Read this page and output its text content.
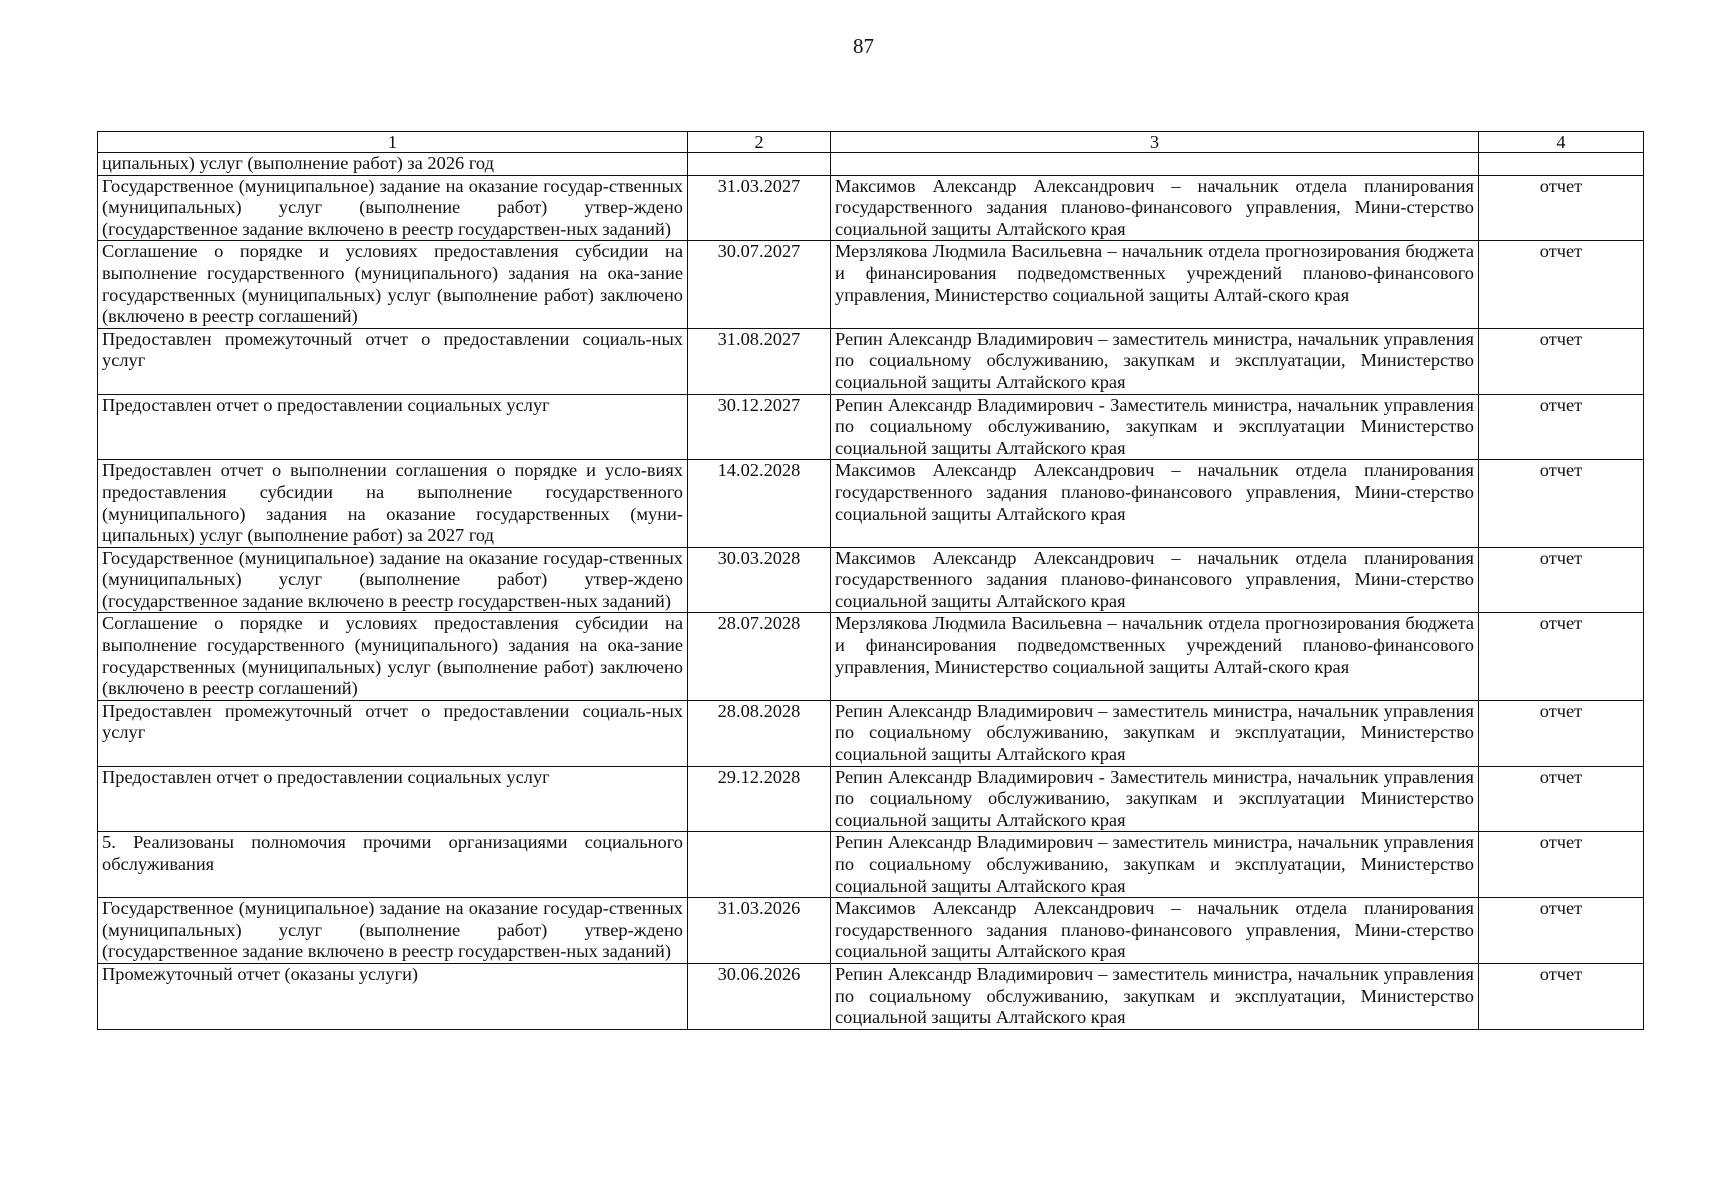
87
1	2	3	4
ципальных) услуг (выполнение работ) за 2026 год			
Государственное (муниципальное) задание на оказание государ-ственных (муниципальных) услуг (выполнение работ) утвер-ждено (государственное задание включено в реестр государствен-ных заданий)	31.03.2027	Максимов Александр Александрович – начальник отдела планирования государственного задания планово-финансового управления, Мини-стерство социальной защиты Алтайского края	отчет
Соглашение о порядке и условиях предоставления субсидии на выполнение государственного (муниципального) задания на ока-зание государственных (муниципальных) услуг (выполнение работ) заключено (включено в реестр соглашений)	30.07.2027	Мерзлякова Людмила Васильевна – начальник отдела прогнозирования бюджета и финансирования подведомственных учреждений планово-финансового управления, Министерство социальной защиты Алтай-ского края	отчет
Предоставлен промежуточный отчет о предоставлении социаль-ных услуг	31.08.2027	Репин Александр Владимирович – заместитель министра, начальник управления по социальному обслуживанию, закупкам и эксплуатации, Министерство социальной защиты Алтайского края	отчет
Предоставлен отчет о предоставлении социальных услуг	30.12.2027	Репин Александр Владимирович - Заместитель министра, начальник управления по социальному обслуживанию, закупкам и эксплуатации Министерство социальной защиты Алтайского края	отчет
Предоставлен отчет о выполнении соглашения о порядке и усло-виях предоставления субсидии на выполнение государственного (муниципального) задания на оказание государственных (муни-ципальных) услуг (выполнение работ) за 2027 год	14.02.2028	Максимов Александр Александрович – начальник отдела планирования государственного задания планово-финансового управления, Мини-стерство социальной защиты Алтайского края	отчет
Государственное (муниципальное) задание на оказание государ-ственных (муниципальных) услуг (выполнение работ) утвер-ждено (государственное задание включено в реестр государствен-ных заданий)	30.03.2028	Максимов Александр Александрович – начальник отдела планирования государственного задания планово-финансового управления, Мини-стерство социальной защиты Алтайского края	отчет
Соглашение о порядке и условиях предоставления субсидии на выполнение государственного (муниципального) задания на ока-зание государственных (муниципальных) услуг (выполнение работ) заключено (включено в реестр соглашений)	28.07.2028	Мерзлякова Людмила Васильевна – начальник отдела прогнозирования бюджета и финансирования подведомственных учреждений планово-финансового управления, Министерство социальной защиты Алтай-ского края	отчет
Предоставлен промежуточный отчет о предоставлении социаль-ных услуг	28.08.2028	Репин Александр Владимирович – заместитель министра, начальник управления по социальному обслуживанию, закупкам и эксплуатации, Министерство социальной защиты Алтайского края	отчет
Предоставлен отчет о предоставлении социальных услуг	29.12.2028	Репин Александр Владимирович - Заместитель министра, начальник управления по социальному обслуживанию, закупкам и эксплуатации Министерство социальной защиты Алтайского края	отчет
5. Реализованы полномочия прочими организациями социального обслуживания		Репин Александр Владимирович – заместитель министра, начальник управления по социальному обслуживанию, закупкам и эксплуатации, Министерство социальной защиты Алтайского края	отчет
Государственное (муниципальное) задание на оказание государ-ственных (муниципальных) услуг (выполнение работ) утвер-ждено (государственное задание включено в реестр государствен-ных заданий)	31.03.2026	Максимов Александр Александрович – начальник отдела планирования государственного задания планово-финансового управления, Мини-стерство социальной защиты Алтайского края	отчет
Промежуточный отчет (оказаны услуги)	30.06.2026	Репин Александр Владимирович – заместитель министра, начальник управления по социальному обслуживанию, закупкам и эксплуатации, Министерство социальной защиты Алтайского края	отчет
